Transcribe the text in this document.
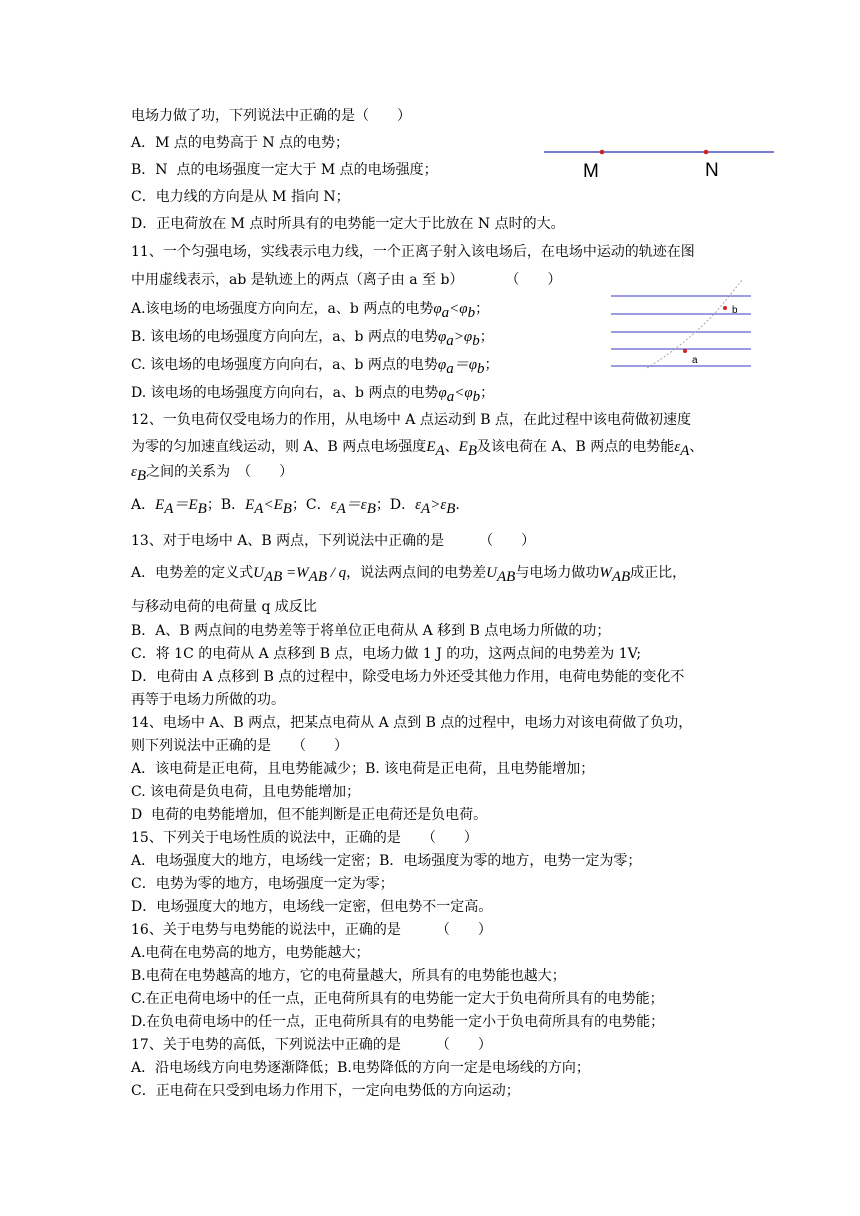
电场力做了功，下列说法中正确的是（　　）

A．M 点的电势高于 N 点的电势；

B．N  点的电场强度一定大于 M 点的电场强度；

C．电力线的方向是从 M 指向 N；

D．正电荷放在 M 点时所具有的电势能一定大于比放在 N 点时的大。

11、一个匀强电场，实线表示电力线，一个正离子射入该电场后，在电场中运动的轨迹在图

中用虚线表示，ab 是轨迹上的两点（离子由 a 至 b）　　　　（　　）

A.该电场的电场强度方向向左，a、b 两点的电势$\varphi_a<\varphi_b$；

B. 该电场的电场强度方向向左，a、b 两点的电势$\varphi_a>\varphi_b$；

C. 该电场的电场强度方向向右，a、b 两点的电势$\varphi_a=\varphi_b$；

D. 该电场的电场强度方向向右，a、b 两点的电势$\varphi_a<\varphi_b$；

12、一负电荷仅受电场力的作用，从电场中 A 点运动到 B 点，在此过程中该电荷做初速度

为零的匀加速直线运动，则 A、B 两点电场强度$E_A$、$E_B$及该电荷在 A、B 两点的电势能$\varepsilon_A$、

$\varepsilon_B$之间的关系为　（　　）

A．$E_A=E_B$；B．$E_A<E_B$；C．$\varepsilon_A=\varepsilon_B$；D．$\varepsilon_A>\varepsilon_B$.

13、对于电场中 A、B 两点，下列说法中正确的是　　　（　　）

A．电势差的定义式$U_{AB} =W_{AB} / q$，说法两点间的电势差$U_{AB}$与电场力做功$W_{AB}$成正比，

与移动电荷的电荷量 q 成反比

B．A、B 两点间的电势差等于将单位正电荷从 A 移到 B 点电场力所做的功；

C．将 1C 的电荷从 A 点移到 B 点，电场力做 1 J 的功，这两点间的电势差为 1V;

D．电荷由 A 点移到 B 点的过程中，除受电场力外还受其他力作用，电荷电势能的变化不

再等于电场力所做的功。

14、电场中 A、B 两点，把某点电荷从 A 点到 B 点的过程中，电场力对该电荷做了负功，

则下列说法中正确的是　　（　　）

A．该电荷是正电荷，且电势能减少；B. 该电荷是正电荷，且电势能增加；

C. 该电荷是负电荷，且电势能增加；

D  电荷的电势能增加，但不能判断是正电荷还是负电荷。

15、下列关于电场性质的说法中，正确的是　　（　　）

A．电场强度大的地方，电场线一定密；B．电场强度为零的地方，电势一定为零；

C．电势为零的地方，电场强度一定为零；

D．电场强度大的地方，电场线一定密，但电势不一定高。

16、关于电势与电势能的说法中，正确的是　　　（　　）

A.电荷在电势高的地方，电势能越大；

B.电荷在电势越高的地方，它的电荷量越大，所具有的电势能也越大；

C.在正电荷电场中的任一点，正电荷所具有的电势能一定大于负电荷所具有的电势能；

D.在负电荷电场中的任一点，正电荷所具有的电势能一定小于负电荷所具有的电势能；

17、关于电势的高低，下列说法中正确的是　　　（　　）

A．沿电场线方向电势逐渐降低；B.电势降低的方向一定是电场线的方向；

C．正电荷在只受到电场力作用下，一定向电势低的方向运动；

M	N
b
a
